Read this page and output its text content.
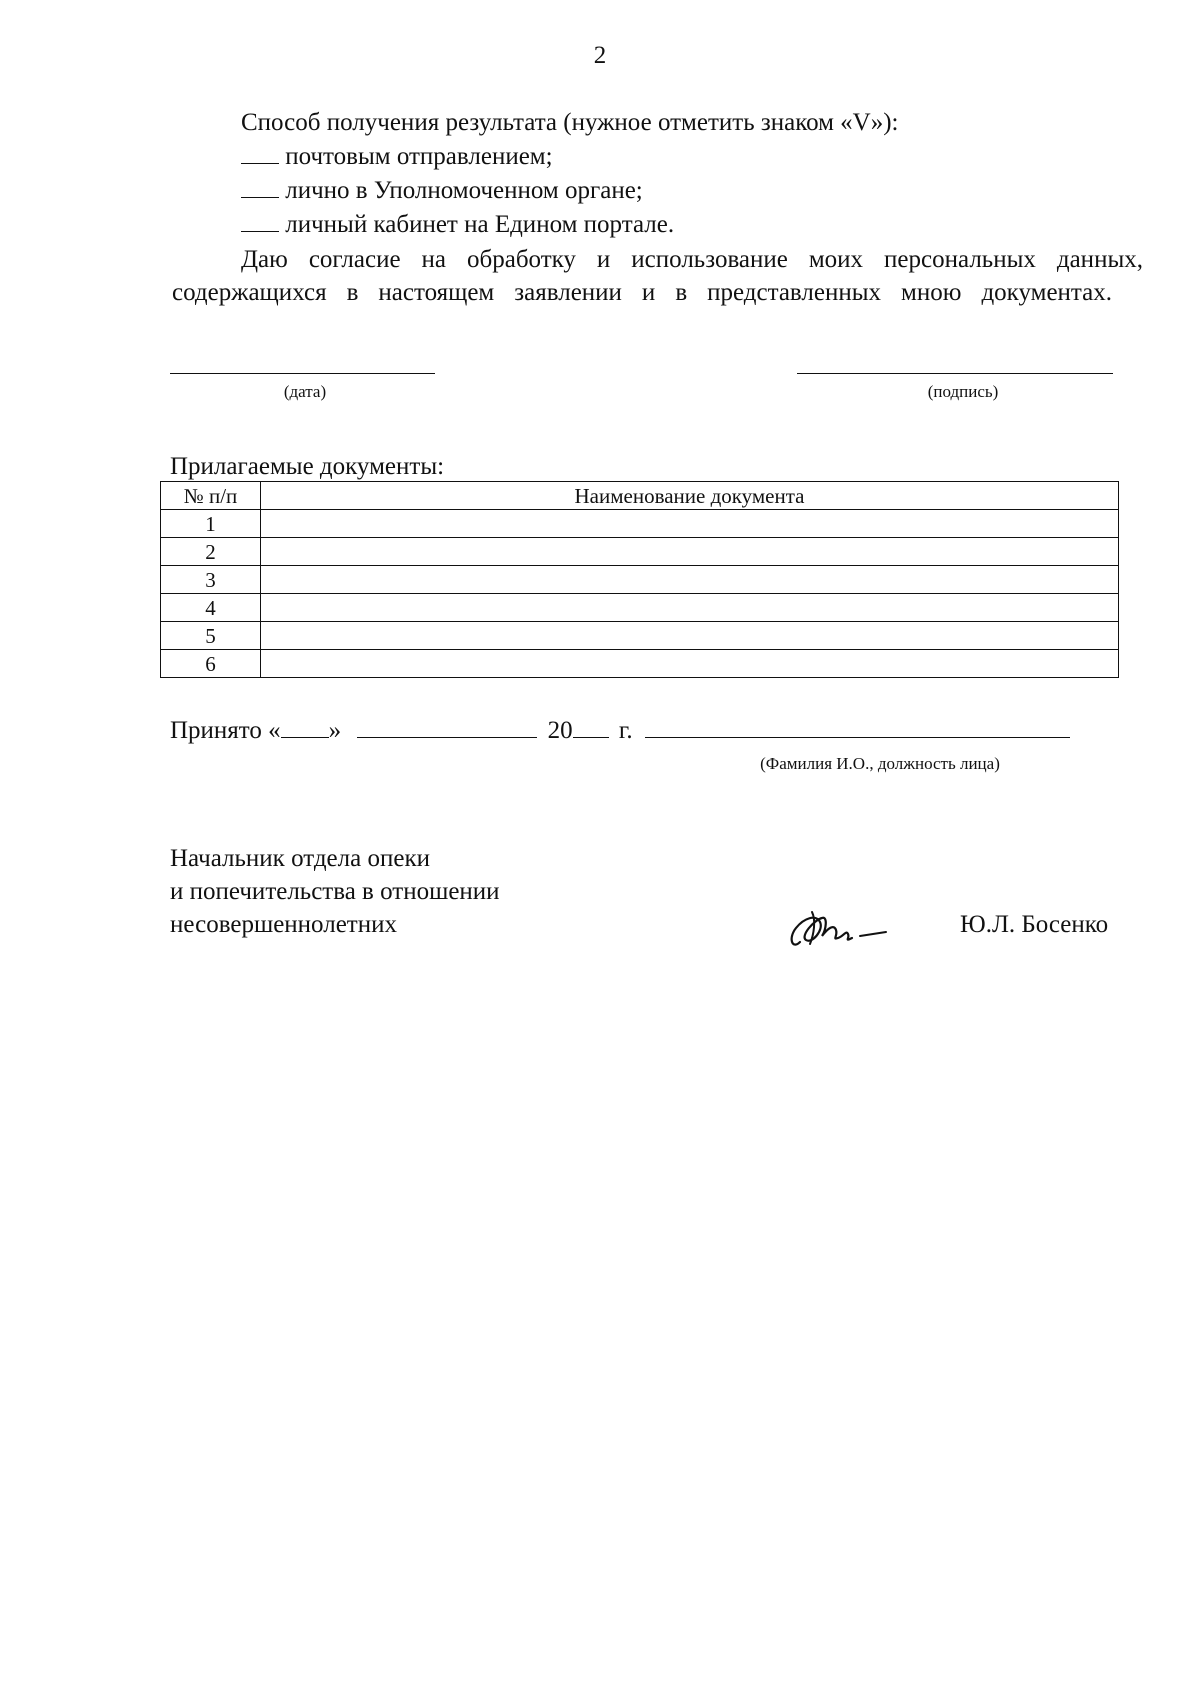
2
Способ получения результата (нужное отметить знаком «V»):
почтовым отправлением;
лично в Уполномоченном органе;
личный кабинет на Едином портале.
Даю согласие на обработку и использование моих персональных данных,
содержащихся в настоящем заявлении и в представленных мною документах.
(дата)	(подпись)
Прилагаемые документы:
№ п/п	Наименование документа
1	
2	
3	
4	
5	
6	
Принято « »	20 г.
(Фамилия И.О., должность лица)
Начальник отдела опеки
и попечительства в отношении
несовершеннолетних	Ю.Л. Босенко
